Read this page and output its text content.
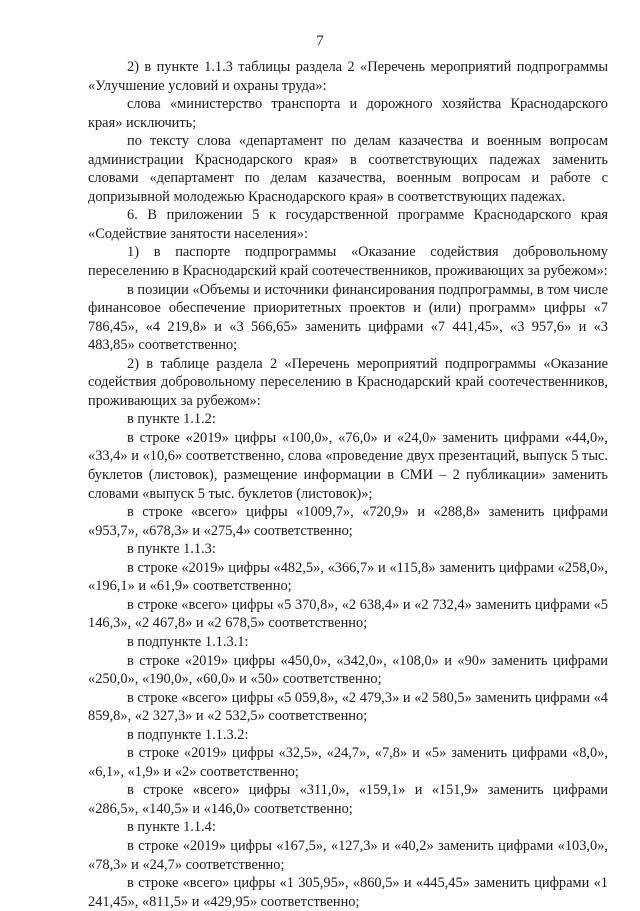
7

2) в пункте 1.1.3 таблицы раздела 2 «Перечень мероприятий подпрограммы «Улучшение условий и охраны труда»:

слова «министерство транспорта и дорожного хозяйства Краснодарского края» исключить;

по тексту слова «департамент по делам казачества и военным вопросам администрации Краснодарского края» в соответствующих падежах заменить словами «департамент по делам казачества, военным вопросам и работе с допризывной молодежью Краснодарского края» в соответствующих падежах.

6. В приложении 5 к государственной программе Краснодарского края «Содействие занятости населения»:

1) в паспорте подпрограммы «Оказание содействия добровольному переселению в Краснодарский край соотечественников, проживающих за рубежом»:

в позиции «Объемы и источники финансирования подпрограммы, в том числе финансовое обеспечение приоритетных проектов и (или) программ» цифры «7 786,45», «4 219,8» и «3 566,65» заменить цифрами «7 441,45», «3 957,6» и «3 483,85» соответственно;

2) в таблице раздела 2 «Перечень мероприятий подпрограммы «Оказание содействия добровольному переселению в Краснодарский край соотечественников, проживающих за рубежом»:

в пункте 1.1.2:

в строке «2019» цифры «100,0», «76,0» и «24,0» заменить цифрами «44,0», «33,4» и «10,6» соответственно, слова «проведение двух презентаций, выпуск 5 тыс. буклетов (листовок), размещение информации в СМИ – 2 публикации» заменить словами «выпуск 5 тыс. буклетов (листовок)»;

в строке «всего» цифры «1009,7», «720,9» и «288,8» заменить цифрами «953,7», «678,3» и «275,4» соответственно;

в пункте 1.1.3:

в строке «2019» цифры «482,5», «366,7» и «115,8» заменить цифрами «258,0», «196,1» и «61,9» соответственно;

в строке «всего» цифры «5 370,8», «2 638,4» и «2 732,4» заменить цифрами «5 146,3», «2 467,8» и «2 678,5» соответственно;

в подпункте 1.1.3.1:

в строке «2019» цифры «450,0», «342,0», «108,0» и «90» заменить цифрами «250,0», «190,0», «60,0» и «50» соответственно;

в строке «всего» цифры «5 059,8», «2 479,3» и «2 580,5» заменить цифрами «4 859,8», «2 327,3» и «2 532,5» соответственно;

в подпункте 1.1.3.2:

в строке «2019» цифры «32,5», «24,7», «7,8» и «5» заменить цифрами «8,0», «6,1», «1,9» и «2» соответственно;

в строке «всего» цифры «311,0», «159,1» и «151,9» заменить цифрами «286,5», «140,5» и «146,0» соответственно;

в пункте 1.1.4:

в строке «2019» цифры «167,5», «127,3» и «40,2» заменить цифрами «103,0», «78,3» и «24,7» соответственно;

в строке «всего» цифры «1 305,95», «860,5» и «445,45» заменить цифрами «1 241,45», «811,5» и «429,95» соответственно;
